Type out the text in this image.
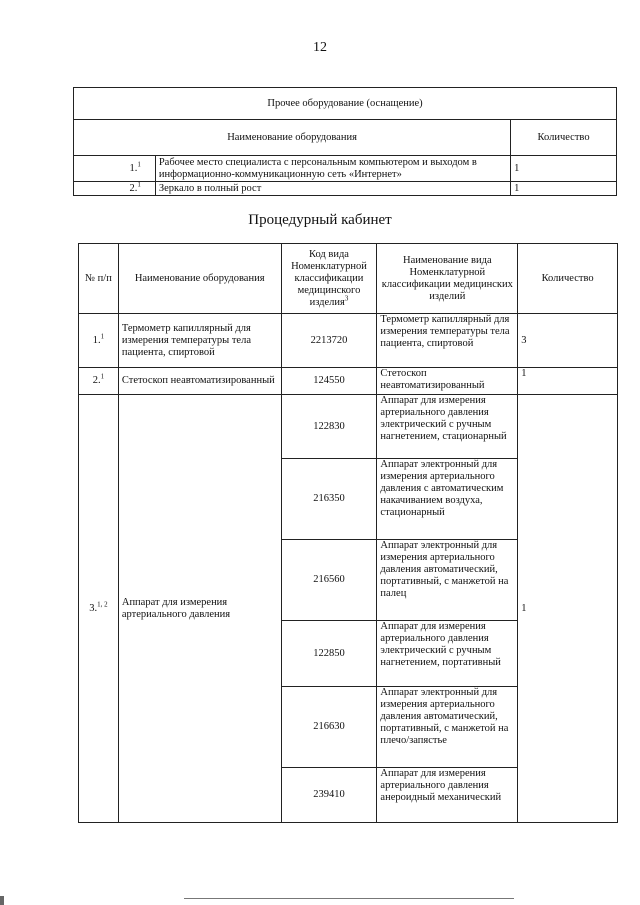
12
Прочее оборудование (оснащение)		
Наименование оборудования		Количество
1.$^1$	Рабочее место специалиста с персональным компьютером и выходом в информационно-коммуникационную сеть «Интернет»	1
2.$^1$	Зеркало в полный рост	1
Процедурный кабинет
№ п/п	Наименование оборудования	Код вида Номенклатурной классификации медицинского изделия$^3$	Наименование вида Номенклатурной классификации медицинских изделий	Количество
1.$^1$	Термометр капиллярный для измерения температуры тела пациента, спиртовой	2213720	Термометр капиллярный для измерения температуры тела пациента, спиртовой	3
2.$^1$	Стетоскоп неавтоматизированный	124550	Стетоскоп неавтоматизированный	1
3.$^{1, 2}$	Аппарат для измерения артериального давления	122830	Аппарат для измерения артериального давления электрический с ручным нагнетением, стационарный	1
		216350	Аппарат электронный для измерения артериального давления с автоматическим накачиванием воздуха, стационарный	
		216560	Аппарат электронный для измерения артериального давления автоматический, портативный, с манжетой на палец	
		122850	Аппарат для измерения артериального давления электрический с ручным нагнетением, портативный	
		216630	Аппарат электронный для измерения артериального давления автоматический, портативный, с манжетой на плечо/запястье	
		239410	Аппарат для измерения артериального давления анероидный механический	
